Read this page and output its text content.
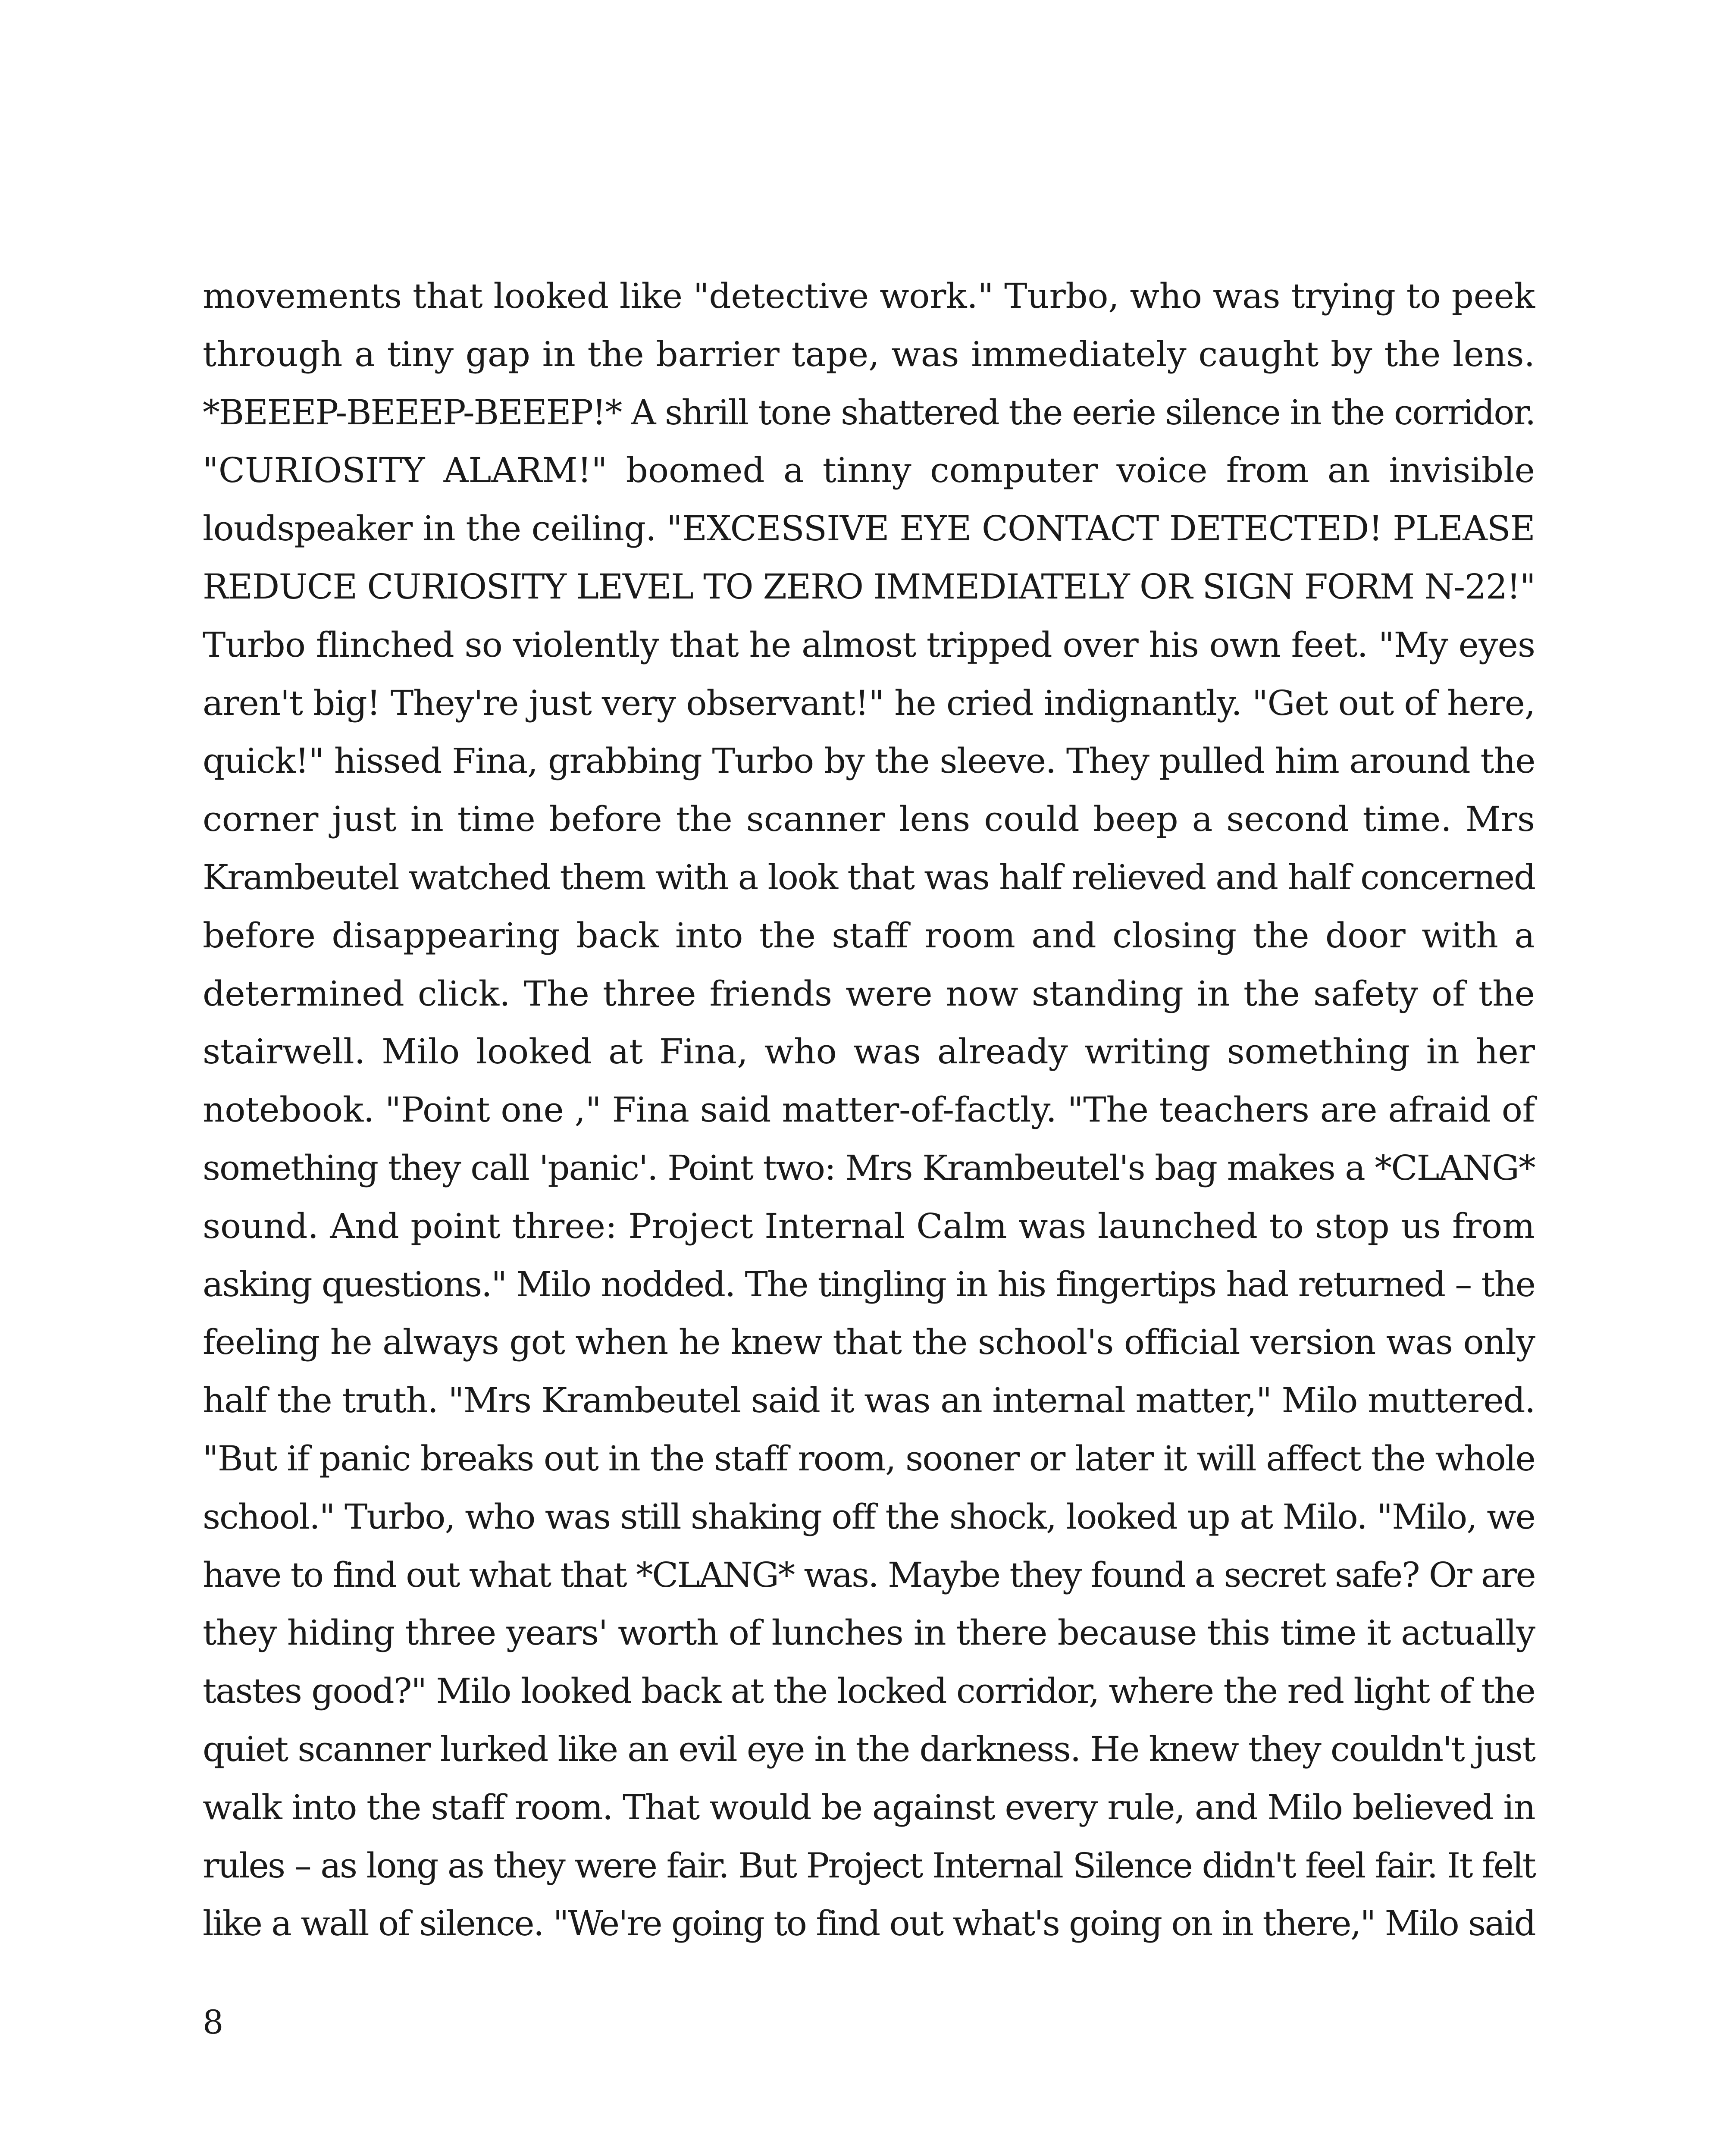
movements that looked like "detective work." Turbo, who was trying to peek
through a tiny gap in the barrier tape, was immediately caught by the lens.
*BEEEP-BEEEP-BEEEP!* A shrill tone shattered the eerie silence in the corridor.
"CURIOSITY ALARM!" boomed a tinny computer voice from an invisible
loudspeaker in the ceiling. "EXCESSIVE EYE CONTACT DETECTED! PLEASE
REDUCE CURIOSITY LEVEL TO ZERO IMMEDIATELY OR SIGN FORM N-22!"
Turbo flinched so violently that he almost tripped over his own feet. "My eyes
aren't big! They're just very observant!" he cried indignantly. "Get out of here,
quick!" hissed Fina, grabbing Turbo by the sleeve. They pulled him around the
corner just in time before the scanner lens could beep a second time. Mrs
Krambeutel watched them with a look that was half relieved and half concerned
before disappearing back into the staff room and closing the door with a
determined click. The three friends were now standing in the safety of the
stairwell. Milo looked at Fina, who was already writing something in her
notebook. "Point one ," Fina said matter-of-factly. "The teachers are afraid of
something they call 'panic'. Point two: Mrs Krambeutel's bag makes a *CLANG*
sound. And point three: Project Internal Calm was launched to stop us from
asking questions." Milo nodded. The tingling in his fingertips had returned – the
feeling he always got when he knew that the school's official version was only
half the truth. "Mrs Krambeutel said it was an internal matter," Milo muttered.
"But if panic breaks out in the staff room, sooner or later it will affect the whole
school." Turbo, who was still shaking off the shock, looked up at Milo. "Milo, we
have to find out what that *CLANG* was. Maybe they found a secret safe? Or are
they hiding three years' worth of lunches in there because this time it actually
tastes good?" Milo looked back at the locked corridor, where the red light of the
quiet scanner lurked like an evil eye in the darkness. He knew they couldn't just
walk into the staff room. That would be against every rule, and Milo believed in
rules – as long as they were fair. But Project Internal Silence didn't feel fair. It felt
like a wall of silence. "We're going to find out what's going on in there," Milo said
8
